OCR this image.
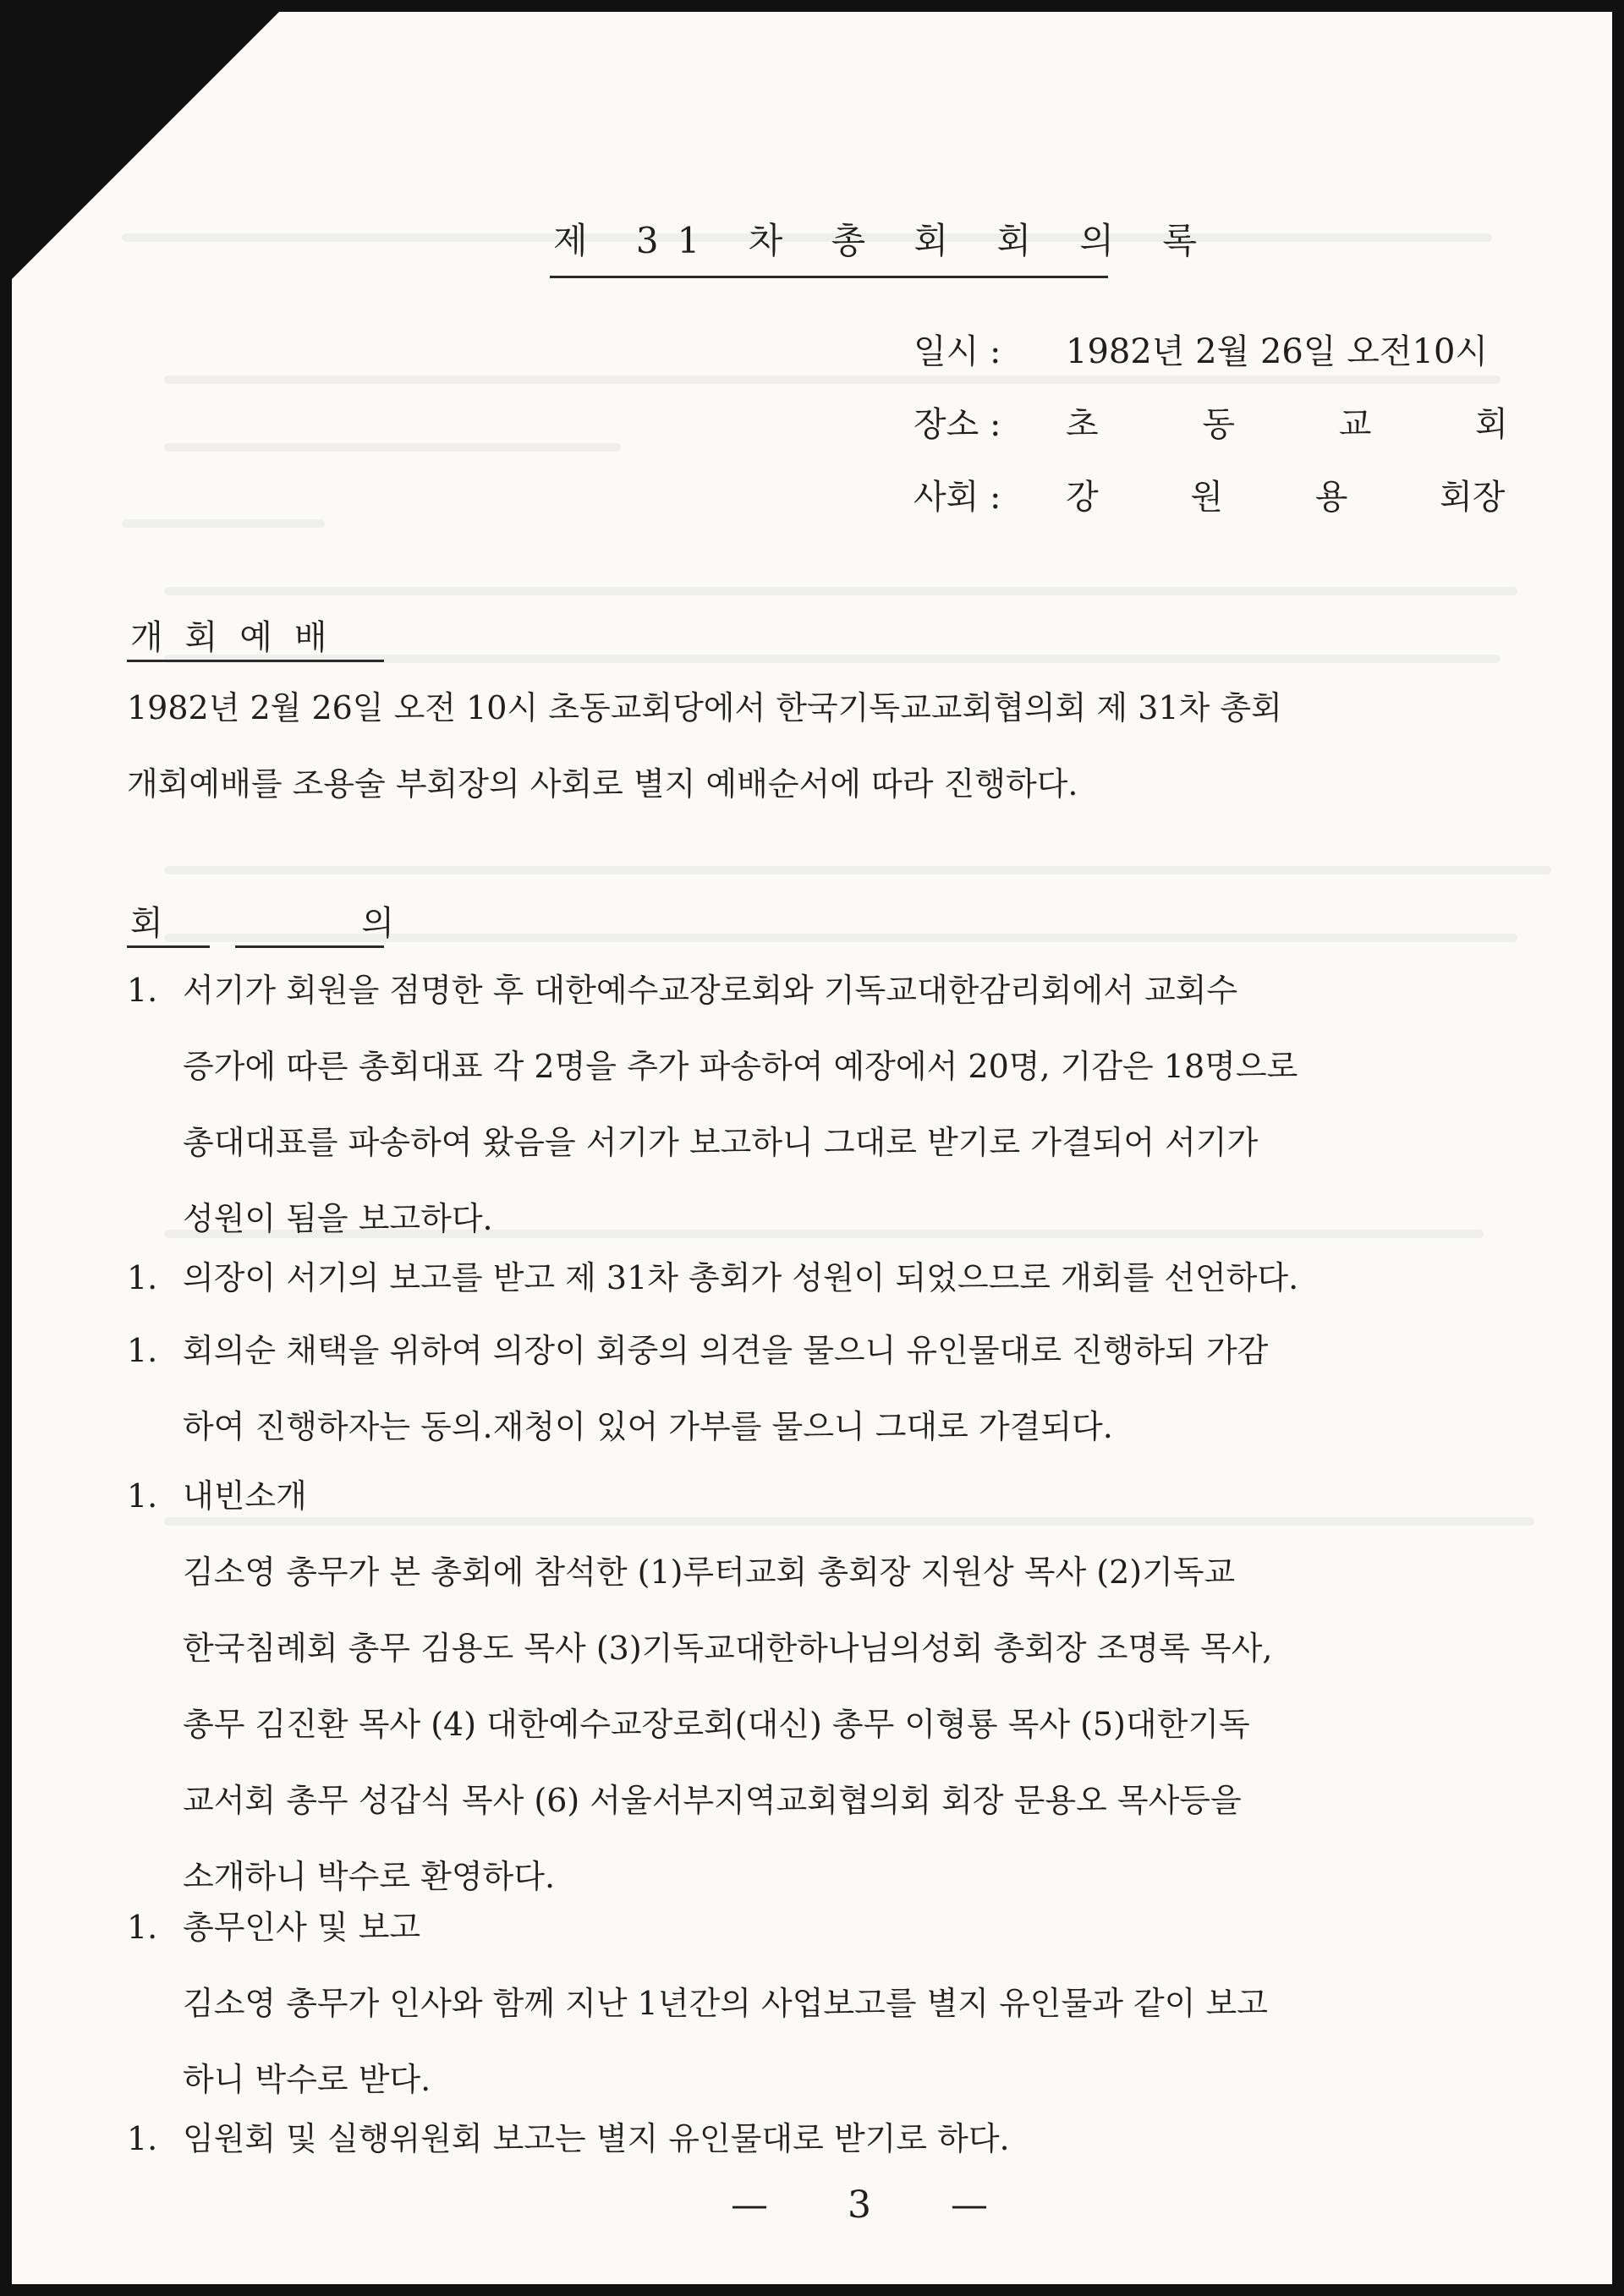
제 31 차 총 회 회 의 록
일시 :	1982년 2월 26일 오전10시
장소 :	초 동 교 회
사회 :	강 원 용 회장
개회예배
1982년 2월 26일 오전 10시 초동교회당에서 한국기독교교회협의회 제 31차 총회
개회예배를 조용술 부회장의 사회로 별지 예배순서에 따라 진행하다.
회 의
1. 서기가 회원을 점명한 후 대한예수교장로회와 기독교대한감리회에서 교회수
증가에 따른 총회대표 각 2명을 추가 파송하여 예장에서 20명, 기감은 18명으로
총대대표를 파송하여 왔음을 서기가 보고하니 그대로 받기로 가결되어 서기가
성원이 됨을 보고하다.
1. 의장이 서기의 보고를 받고 제 31차 총회가 성원이 되었으므로 개회를 선언하다.
1. 회의순 채택을 위하여 의장이 회중의 의견을 물으니 유인물대로 진행하되 가감
하여 진행하자는 동의.재청이 있어 가부를 물으니 그대로 가결되다.
1. 내빈소개
김소영 총무가 본 총회에 참석한 (1)루터교회 총회장 지원상 목사 (2)기독교
한국침례회 총무 김용도 목사 (3)기독교대한하나님의성회 총회장 조명록 목사,
총무 김진환 목사 (4) 대한예수교장로회(대신) 총무 이형룡 목사 (5)대한기독
교서회 총무 성갑식 목사 (6) 서울서부지역교회협의회 회장 문용오 목사등을
소개하니 박수로 환영하다.
1. 총무인사 및 보고
김소영 총무가 인사와 함께 지난 1년간의 사업보고를 별지 유인물과 같이 보고
하니 박수로 받다.
1. 임원회 및 실행위원회 보고는 별지 유인물대로 받기로 하다.
— 3 —
